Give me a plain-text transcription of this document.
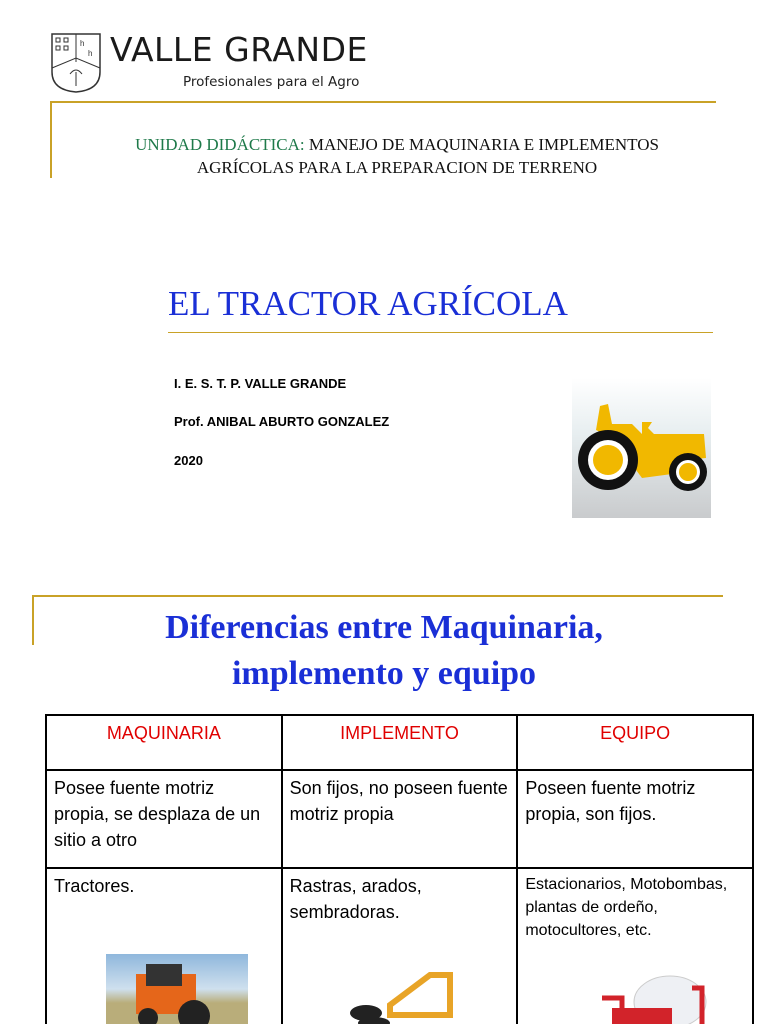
h
h VALLE GRANDE
Profesionales para el Agro
UNIDAD DIDÁCTICA: MANEJO DE MAQUINARIA E IMPLEMENTOS AGRÍCOLAS PARA LA PREPARACION DE TERRENO
EL TRACTOR AGRÍCOLA
I. E. S. T. P. VALLE GRANDE
Prof. ANIBAL ABURTO GONZALEZ
2020
Diferencias entre Maquinaria,
implemento y equipo
MAQUINARIA	IMPLEMENTO	EQUIPO
Posee fuente motriz propia, se desplaza de un sitio a otro	Son fijos, no poseen fuente motriz propia	Poseen fuente motriz propia, son fijos.
Tractores.	Rastras, arados, sembradoras.	Estacionarios, Motobombas, plantas de ordeño, motocultores, etc.
